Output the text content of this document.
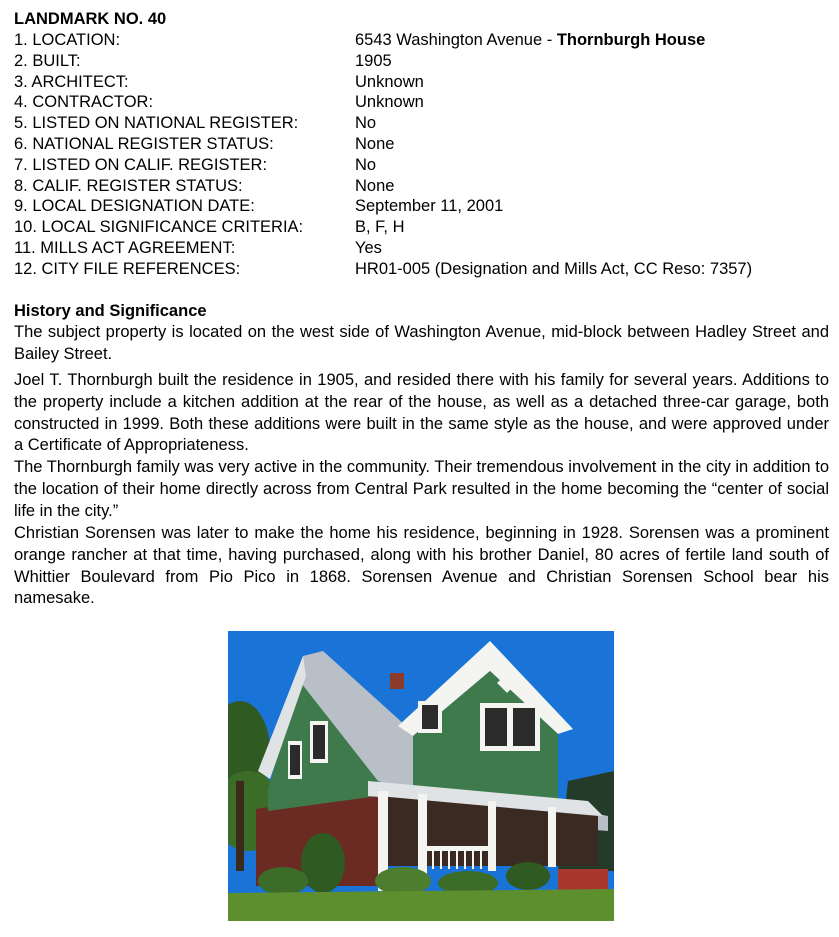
LANDMARK NO. 40
1. LOCATION:	6543 Washington Avenue - Thornburgh House
2. BUILT:	1905
3. ARCHITECT:	Unknown
4. CONTRACTOR:	Unknown
5. LISTED ON NATIONAL REGISTER:	No
6. NATIONAL REGISTER STATUS:	None
7. LISTED ON CALIF. REGISTER:	No
8. CALIF. REGISTER STATUS:	None
9. LOCAL DESIGNATION DATE:	September 11, 2001
10. LOCAL SIGNIFICANCE CRITERIA:	B, F, H
11. MILLS ACT AGREEMENT:	Yes
12. CITY FILE REFERENCES:	HR01-005 (Designation and Mills Act, CC Reso: 7357)
History and Significance

The subject property is located on the west side of Washington Avenue, mid-block between Hadley Street and Bailey Street.

Joel T. Thornburgh built the residence in 1905, and resided there with his family for several years. Additions to the property include a kitchen addition at the rear of the house, as well as a detached three-car garage, both constructed in 1999. Both these additions were built in the same style as the house, and were approved under a Certificate of Appropriateness.

The Thornburgh family was very active in the community. Their tremendous involvement in the city in addition to the location of their home directly across from Central Park resulted in the home becoming the “center of social life in the city.”

Christian Sorensen was later to make the home his residence, beginning in 1928. Sorensen was a prominent orange rancher at that time, having purchased, along with his brother Daniel, 80 acres of fertile land south of Whittier Boulevard from Pio Pico in 1868. Sorensen Avenue and Christian Sorensen School bear his namesake.
